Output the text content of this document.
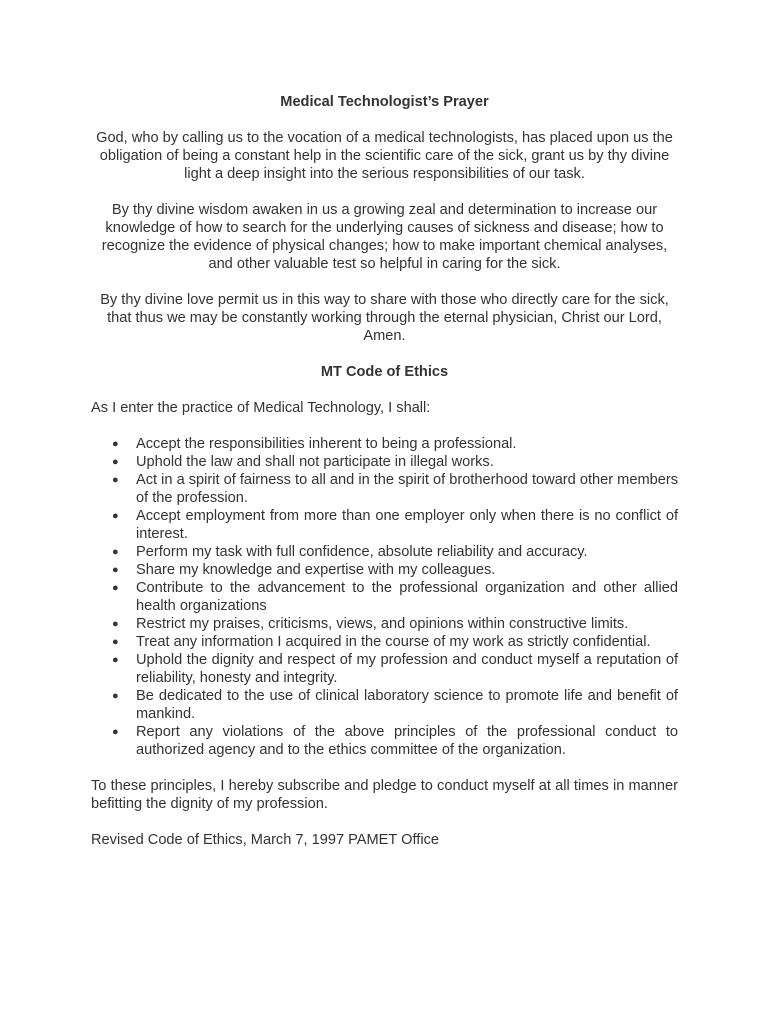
Medical Technologist’s Prayer

God, who by calling us to the vocation of a medical technologists, has placed upon us the obligation of being a constant help in the scientific care of the sick, grant us by thy divine light a deep insight into the serious responsibilities of our task.

By thy divine wisdom awaken in us a growing zeal and determination to increase our knowledge of how to search for the underlying causes of sickness and disease; how to recognize the evidence of physical changes; how to make important chemical analyses, and other valuable test so helpful in caring for the sick.

By thy divine love permit us in this way to share with those who directly care for the sick, that thus we may be constantly working through the eternal physician, Christ our Lord, Amen.

MT Code of Ethics

As I enter the practice of Medical Technology, I shall:

● Accept the responsibilities inherent to being a professional.
● Uphold the law and shall not participate in illegal works.
● Act in a spirit of fairness to all and in the spirit of brotherhood toward other members of the profession.
● Accept employment from more than one employer only when there is no conflict of interest.
● Perform my task with full confidence, absolute reliability and accuracy.
● Share my knowledge and expertise with my colleagues.
● Contribute to the advancement to the professional organization and other allied health organizations
● Restrict my praises, criticisms, views, and opinions within constructive limits.
● Treat any information I acquired in the course of my work as strictly confidential.
● Uphold the dignity and respect of my profession and conduct myself a reputation of reliability, honesty and integrity.
● Be dedicated to the use of clinical laboratory science to promote life and benefit of mankind.
● Report any violations of the above principles of the professional conduct to authorized agency and to the ethics committee of the organization.

To these principles, I hereby subscribe and pledge to conduct myself at all times in manner befitting the dignity of my profession.

Revised Code of Ethics, March 7, 1997 PAMET Office
